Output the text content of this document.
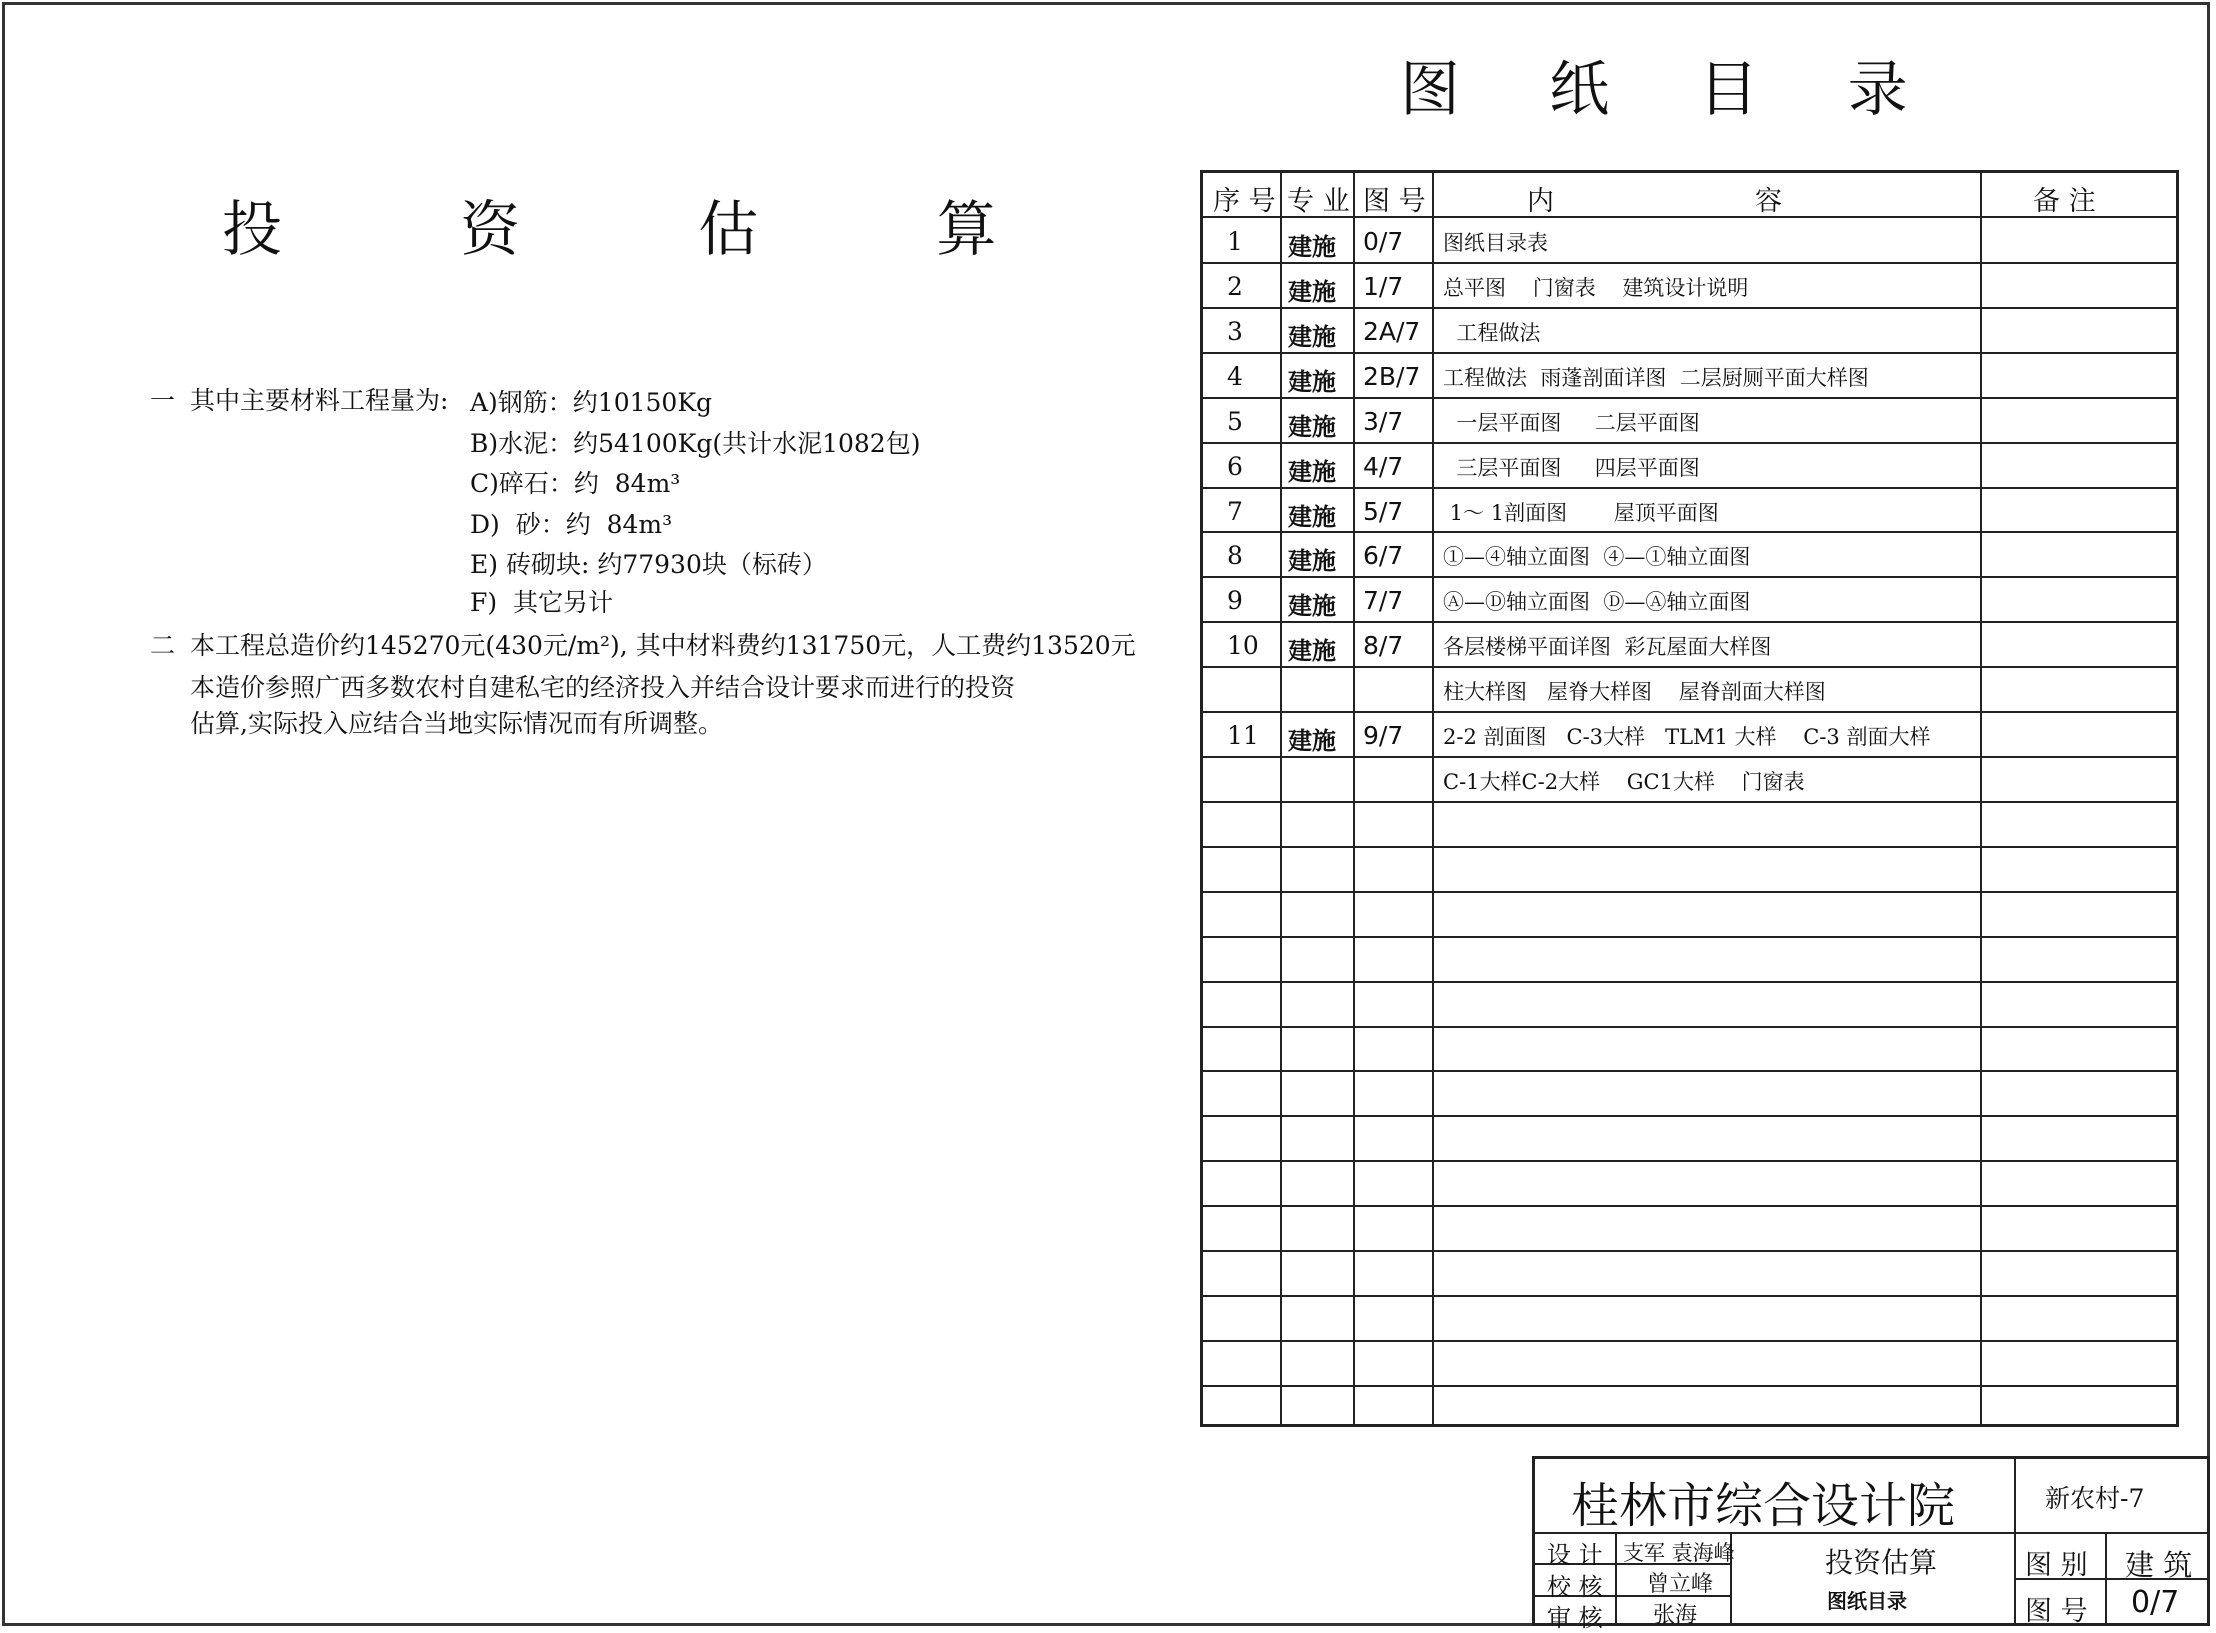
投  资  估  算
一 其中主要材料工程量为: A)钢筋：约10150Kg
B)水泥：约54100Kg(共计水泥1082包)
C)碎石：约  84m³
D)  砂：约  84m³
E) 砖砌块: 约77930块（标砖）
F)  其它另计
二 本工程总造价约145270元(430元/m²), 其中材料费约131750元，人工费约13520元
本造价参照广西多数农村自建私宅的经济投入并结合设计要求而进行的投资
估算,实际投入应结合当地实际情况而有所调整。
图   纸   目   录
序 号 专 业 图 号	内	容	备 注
1 建施 0/7 图纸目录表
2 建施 1/7 总平图    门窗表    建筑设计说明
3 建施 2A/7 工程做法
4 建施 2B/7 工程做法  雨蓬剖面详图  二层厨厕平面大样图
5 建施 3/7 一层平面图     二层平面图
6 建施 4/7 三层平面图     四层平面图
7 建施 5/7 1～ 1剖面图       屋顶平面图
8 建施 6/7 ①—④轴立面图  ④—①轴立面图
9 建施 7/7 Ⓐ—Ⓓ轴立面图  Ⓓ—Ⓐ轴立面图
10 建施 8/7 各层楼梯平面详图  彩瓦屋面大样图
柱大样图   屋脊大样图    屋脊剖面大样图
11 建施 9/7 2-2 剖面图   C-3大样   TLM1 大样    C-3 剖面大样
C-1大样C-2大样    GC1大样    门窗表
桂林市综合设计院	新农村-7
设 计 支军 袁海峰
校 核 曾立峰
审 核 张海
投资估算
图纸目录
图 别 建 筑
图 号 0/7
